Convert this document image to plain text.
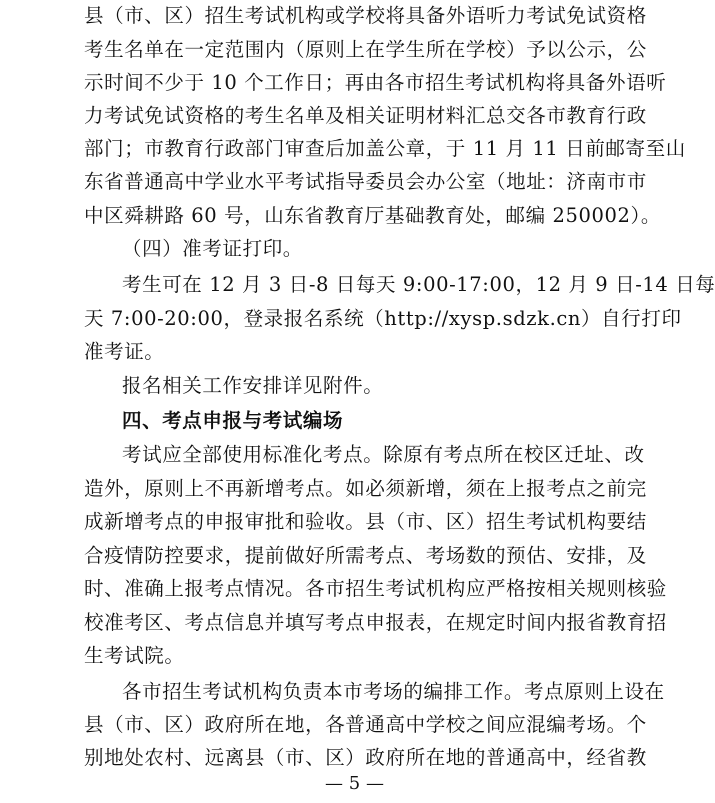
县（市、区）招生考试机构或学校将具备外语听力考试免试资格
考生名单在一定范围内（原则上在学生所在学校）予以公示，公
示时间不少于 10 个工作日；再由各市招生考试机构将具备外语听
力考试免试资格的考生名单及相关证明材料汇总交各市教育行政
部门；市教育行政部门审查后加盖公章，于 11 月 11 日前邮寄至山
东省普通高中学业水平考试指导委员会办公室（地址：济南市市
中区舜耕路 60 号，山东省教育厅基础教育处，邮编 250002）。
（四）准考证打印。
考生可在 12 月 3 日-8 日每天 9:00-17:00，12 月 9 日-14 日每
天 7:00-20:00，登录报名系统（http://xysp.sdzk.cn）自行打印
准考证。
报名相关工作安排详见附件。
四、考点申报与考试编场
考试应全部使用标准化考点。除原有考点所在校区迁址、改
造外，原则上不再新增考点。如必须新增，须在上报考点之前完
成新增考点的申报审批和验收。县（市、区）招生考试机构要结
合疫情防控要求，提前做好所需考点、考场数的预估、安排，及
时、准确上报考点情况。各市招生考试机构应严格按相关规则核验
校准考区、考点信息并填写考点申报表，在规定时间内报省教育招
生考试院。
各市招生考试机构负责本市考场的编排工作。考点原则上设在
县（市、区）政府所在地，各普通高中学校之间应混编考场。个
别地处农村、远离县（市、区）政府所在地的普通高中，经省教
— 5 —
